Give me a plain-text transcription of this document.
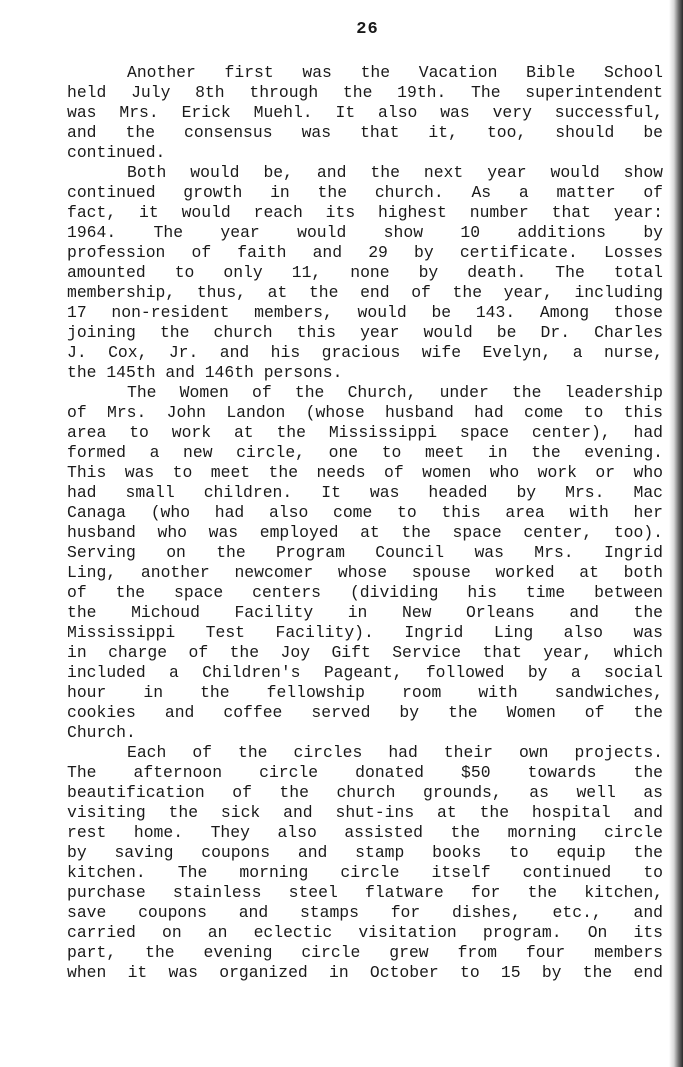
26
Another first was the Vacation Bible School
held July 8th through the 19th. The superintendent
was Mrs. Erick Muehl. It also was very successful,
and the consensus was that it, too, should be
continued.
Both would be, and the next year would show
continued growth in the church. As a matter of
fact, it would reach its highest number that year:
1964. The year would show 10 additions by
profession of faith and 29 by certificate. Losses
amounted to only 11, none by death. The total
membership, thus, at the end of the year, including
17 non-resident members, would be 143. Among those
joining the church this year would be Dr. Charles
J. Cox, Jr. and his gracious wife Evelyn, a nurse,
the 145th and 146th persons.
The Women of the Church, under the leadership
of Mrs. John Landon (whose husband had come to this
area to work at the Mississippi space center), had
formed a new circle, one to meet in the evening.
This was to meet the needs of women who work or who
had small children. It was headed by Mrs. Mac
Canaga (who had also come to this area with her
husband who was employed at the space center, too).
Serving on the Program Council was Mrs. Ingrid
Ling, another newcomer whose spouse worked at both
of the space centers (dividing his time between
the Michoud Facility in New Orleans and the
Mississippi Test Facility). Ingrid Ling also was
in charge of the Joy Gift Service that year, which
included a Children's Pageant, followed by a social
hour in the fellowship room with sandwiches,
cookies and coffee served by the Women of the
Church.
Each of the circles had their own projects.
The afternoon circle donated $50 towards the
beautification of the church grounds, as well as
visiting the sick and shut-ins at the hospital and
rest home. They also assisted the morning circle
by saving coupons and stamp books to equip the
kitchen. The morning circle itself continued to
purchase stainless steel flatware for the kitchen,
save coupons and stamps for dishes, etc., and
carried on an eclectic visitation program. On its
part, the evening circle grew from four members
when it was organized in October to 15 by the end
